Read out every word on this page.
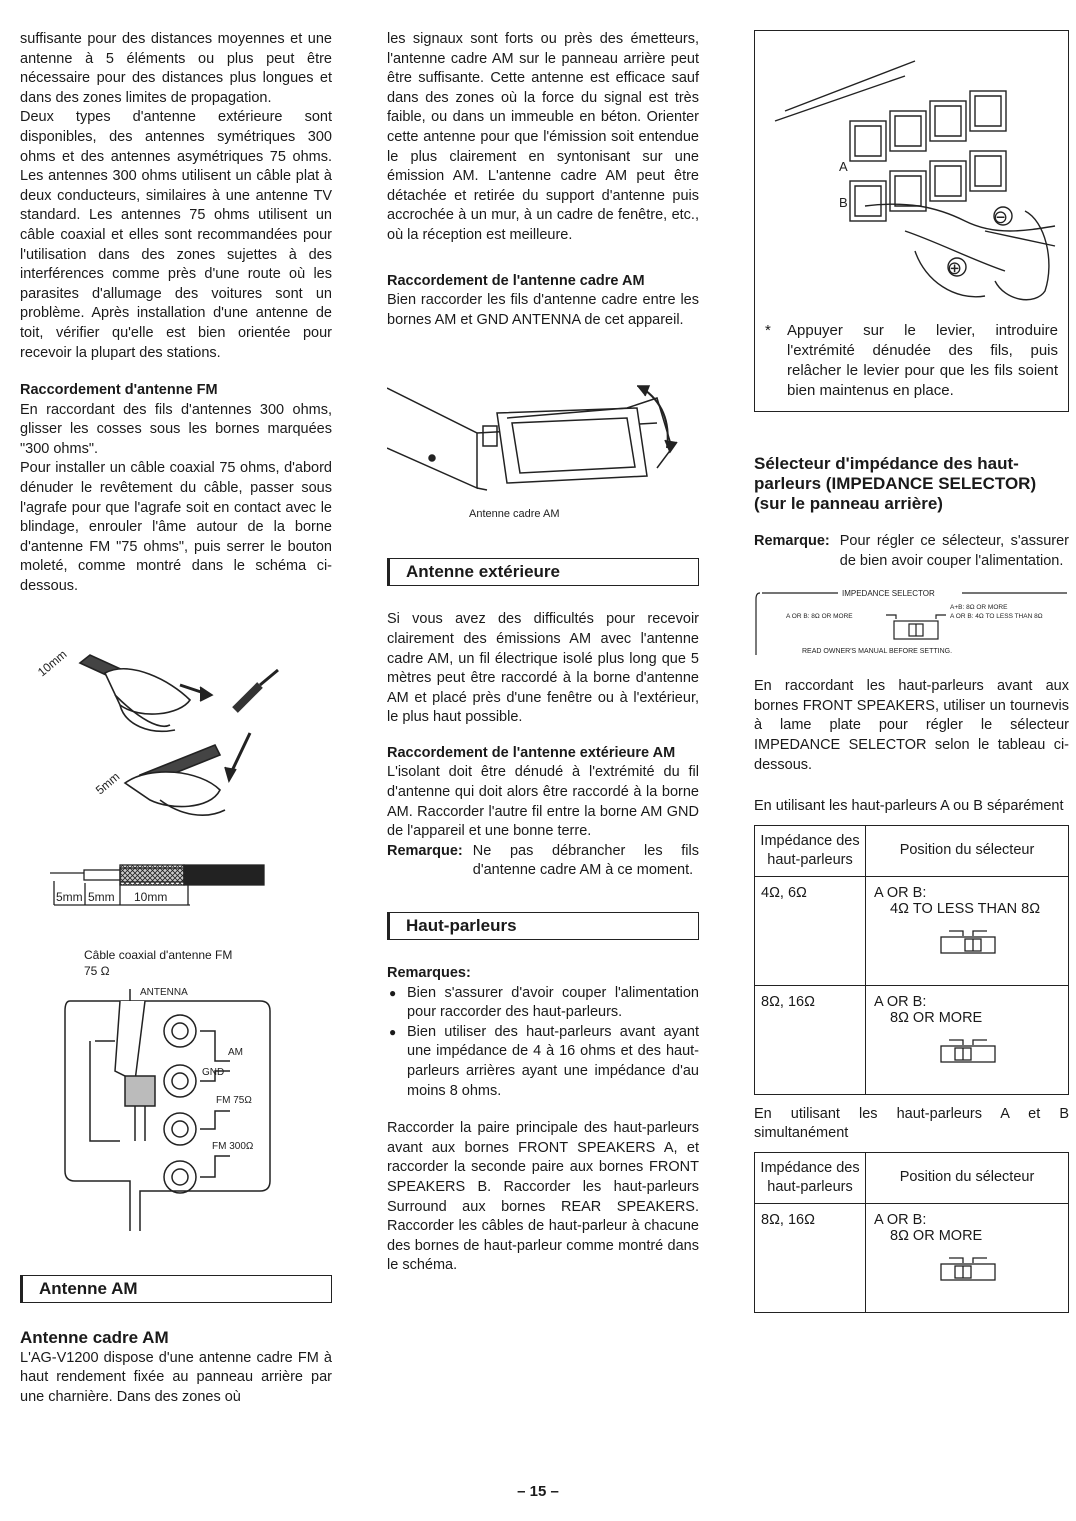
suffisante pour des distances moyennes et une antenne à 5 éléments ou plus peut être nécessaire pour des distances plus longues et dans des zones limites de propagation.

Deux types d'antenne extérieure sont disponibles, des antennes symétriques 300 ohms et des antennes asymétriques 75 ohms. Les antennes 300 ohms utilisent un câble plat à deux conducteurs, similaires à une antenne TV standard. Les antennes 75 ohms utilisent un câble coaxial et elles sont recommandées pour l'utilisation dans des zones sujettes à des interférences comme près d'une route où les parasites d'allumage des voitures sont un problème. Après installation d'une antenne de toit, vérifier qu'elle est bien orientée pour recevoir la plupart des stations.

Raccordement d'antenne FM

En raccordant des fils d'antennes 300 ohms, glisser les cosses sous les bornes marquées "300 ohms".

Pour installer un câble coaxial 75 ohms, d'abord dénuder le revêtement du câble, passer sous l'agrafe pour que l'agrafe soit en contact avec le blindage, enrouler l'âme autour de la borne d'antenne FM "75 ohms", puis serrer le bouton moleté, comme montré dans le schéma ci-dessous.

10mm
5mm
5mm 5mm 10mm
Câble coaxial d'antenne FM 75 Ω
ANTENNA
AM
GND
FM 75Ω
FM 300Ω
Antenne AM
Antenne cadre AM

L'AG-V1200 dispose d'une antenne cadre FM à haut rendement fixée au panneau arrière par une charnière. Dans des zones où

les signaux sont forts ou près des émetteurs, l'antenne cadre AM sur le panneau arrière peut être suffisante. Cette antenne est efficace sauf dans des zones où la force du signal est très faible, ou dans un immeuble en béton. Orienter cette antenne pour que l'émission soit entendue le plus clairement en syntonisant sur une émission AM. L'antenne cadre AM peut être détachée et retirée du support d'antenne puis accrochée à un mur, à un cadre de fenêtre, etc., où la réception est meilleure.

Raccordement de l'antenne cadre AM

Bien raccorder les fils d'antenne cadre entre les bornes AM et GND ANTENNA de cet appareil.

Antenne cadre AM
Antenne extérieure

Si vous avez des difficultés pour recevoir clairement des émissions AM avec l'antenne cadre AM, un fil électrique isolé plus long que 5 mètres peut être raccordé à la borne d'antenne AM et placé près d'une fenêtre ou à l'extérieur, le plus haut possible.

Raccordement de l'antenne extérieure AM

L'isolant doit être dénudé à l'extrémité du fil d'antenne qui doit alors être raccordé à la borne AM. Raccorder l'autre fil entre la borne AM GND de l'appareil et une bonne terre.

Remarque: Ne pas débrancher les fils d'antenne cadre AM à ce moment.
Haut-parleurs
Remarques:
● Bien s'assurer d'avoir couper l'alimentation pour raccorder des haut-parleurs.
● Bien utiliser des haut-parleurs avant ayant une impédance de 4 à 16 ohms et des haut-parleurs arrières ayant une impédance d'au moins 8 ohms.

Raccorder la paire principale des haut-parleurs avant aux bornes FRONT SPEAKERS A, et raccorder la seconde paire aux bornes FRONT SPEAKERS B. Raccorder les haut-parleurs Surround aux bornes REAR SPEAKERS. Raccorder les câbles de haut-parleur à chacune des bornes de haut-parleur comme montré dans le schéma.

A
B
⊖
⊕
*	Appuyer sur le levier, introduire l'extrémité dénudée des fils, puis relâcher le levier pour que les fils soient bien maintenus en place.
Sélecteur d'impédance des haut-parleurs (IMPEDANCE SELECTOR) (sur le panneau arrière)
Remarque: Pour régler ce sélecteur, s'assurer de bien avoir couper l'alimentation.
IMPEDANCE SELECTOR
A OR B: 8Ω OR MORE
A+B: 8Ω OR MORE
A OR B: 4Ω TO LESS THAN 8Ω
READ OWNER'S MANUAL BEFORE SETTING.

En raccordant les haut-parleurs avant aux bornes FRONT SPEAKERS, utiliser un tournevis à lame plate pour régler le sélecteur IMPEDANCE SELECTOR selon le tableau ci-dessous.

En utilisant les haut-parleurs A ou B séparément

Impédance des haut-parleurs	Position du sélecteur
4Ω, 6Ω	A OR B:
4Ω TO LESS THAN 8Ω

8Ω, 16Ω	A OR B:
8Ω OR MORE

En utilisant les haut-parleurs A et B simultanément

Impédance des haut-parleurs	Position du sélecteur
8Ω, 16Ω	A OR B:
8Ω OR MORE
– 15 –
